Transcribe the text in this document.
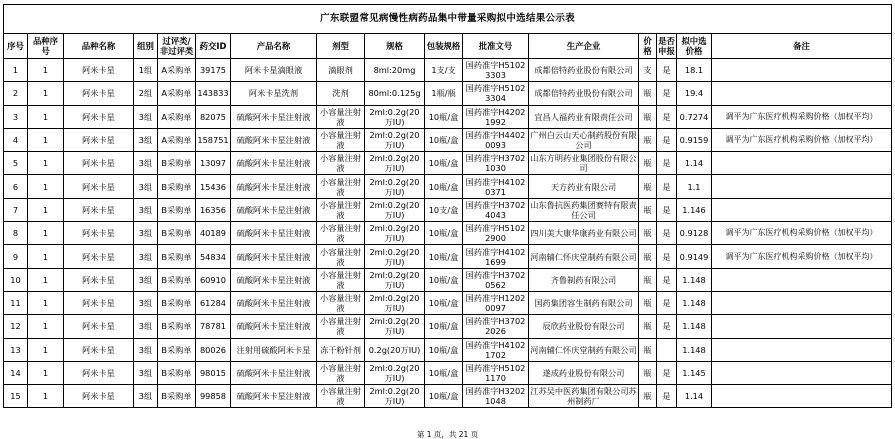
广东联盟常见病慢性病药品集中带量采购拟中选结果公示表															
序号	品种序号	品种名称	组别	过评类/非过评类	药交ID	产品名称	剂型	规格	包装规格	批准文号	生产企业	价格	是否申报	拟中选价格	备注
1	1	阿米卡星	1组	A采购单	39175	阿米卡星滴眼液	滴眼剂	8ml:20mg	1支/支	国药准字H51023303	成都倍特药业股份有限公司	支	是	18.1	
2	1	阿米卡星	2组	A采购单	143833	阿米卡星洗剂	洗剂	80ml:0.125g	1瓶/瓶	国药准字H51023304	成都倍特药业股份有限公司	瓶	是	19.4	
3	1	阿米卡星	3组	A采购单	82075	硫酸阿米卡星注射液	小容量注射液	2ml:0.2g(20万IU)	10瓶/盒	国药准字H42021992	宜昌人福药业有限责任公司	瓶	是	0.7274	调平为广东医疗机构采购价格（加权平均）
4	1	阿米卡星	3组	A采购单	158751	硫酸阿米卡星注射液	小容量注射液	2ml:0.2g(20万IU)	10瓶/盒	国药准字H44020093	广州白云山天心制药股份有限公司	瓶	是	0.9159	调平为广东医疗机构采购价格（加权平均）
5	1	阿米卡星	3组	B采购单	13097	硫酸阿米卡星注射液	小容量注射液	2ml:0.2g(20万IU)	10瓶/盒	国药准字H37021030	山东方明药业集团股份有限公司	瓶	是	1.14	
6	1	阿米卡星	3组	B采购单	15436	硫酸阿米卡星注射液	小容量注射液	2ml:0.2g(20万IU)	10瓶/盒	国药准字H41020371	天方药业有限公司	瓶	是	1.1	
7	1	阿米卡星	3组	B采购单	16356	硫酸阿米卡星注射液	小容量注射液	2ml:0.2g(20万IU)	10支/盒	国药准字H37024043	山东鲁抗医药集团赛特有限责任公司	瓶	是	1.146	
8	1	阿米卡星	3组	B采购单	40189	硫酸阿米卡星注射液	小容量注射液	2ml:0.2g(20万IU)	10瓶/盒	国药准字H51022900	四川美大康华康药业有限公司	瓶	是	0.9128	调平为广东医疗机构采购价格（加权平均）
9	1	阿米卡星	3组	B采购单	54834	硫酸阿米卡星注射液	小容量注射液	2ml:0.2g(20万IU)	10瓶/盒	国药准字H41021699	河南辅仁怀庆堂制药有限公司	瓶	是	0.9149	调平为广东医疗机构采购价格（加权平均）
10	1	阿米卡星	3组	B采购单	60910	硫酸阿米卡星注射液	小容量注射液	2ml:0.2g(20万IU)	10瓶/盒	国药准字H37020562	齐鲁制药有限公司	瓶	是	1.148	
11	1	阿米卡星	3组	B采购单	61284	硫酸阿米卡星注射液	小容量注射液	2ml:0.2g(20万IU)	10瓶/盒	国药准字H12020097	国药集团容生制药有限公司	瓶	是	1.148	
12	1	阿米卡星	3组	B采购单	78781	硫酸阿米卡星注射液	小容量注射液	2ml:0.2g(20万IU)	10瓶/盒	国药准字H37022026	辰欣药业股份有限公司	瓶	是	1.148	
13	1	阿米卡星	3组	B采购单	80026	注射用硫酸阿米卡星	冻干粉针剂	0.2g(20万IU)	10瓶/盒	国药准字H41021702	河南辅仁怀庆堂制药有限公司	瓶		1.148	
14	1	阿米卡星	3组	B采购单	98015	硫酸阿米卡星注射液	小容量注射液	2ml:0.2g(20万IU)	10瓶/盒	国药准字H51021170	遂成药业股份有限公司	瓶	是	1.145	
15	1	阿米卡星	3组	B采购单	99858	硫酸阿米卡星注射液	小容量注射液	2ml:0.2g(20万IU)	10瓶/盒	国药准字H32021048	江苏吴中医药集团有限公司苏州制药厂	瓶	是	1.14	
第 1 页，共 21 页
